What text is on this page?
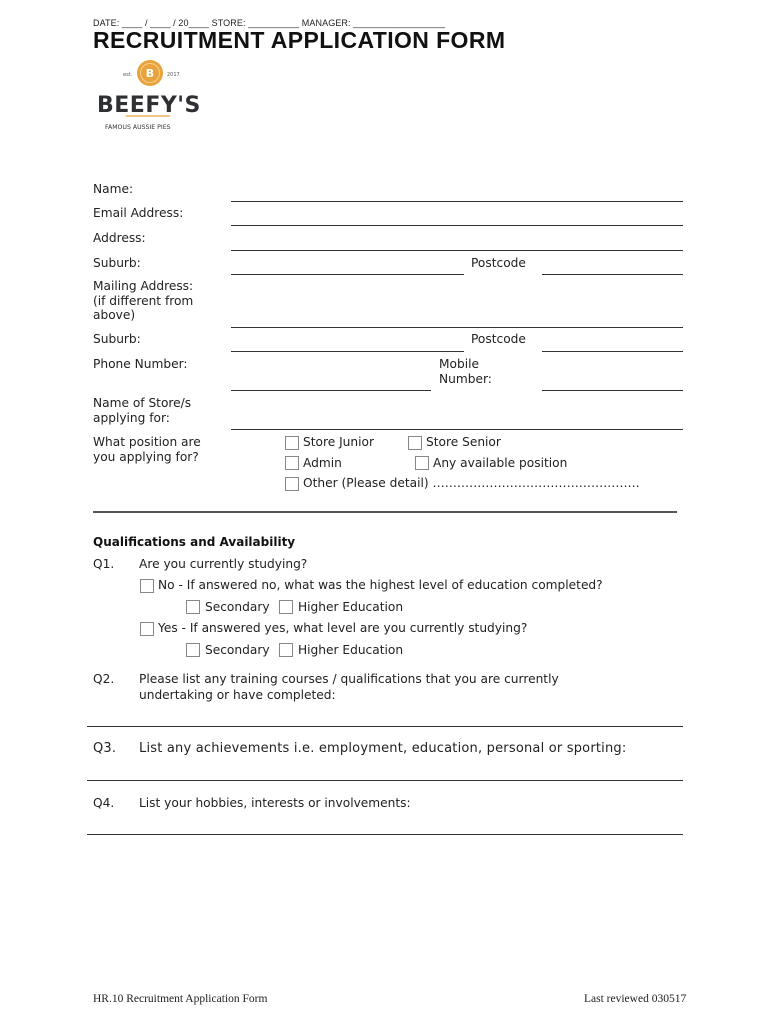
DATE: ____ / ____ / 20____ STORE: __________ MANAGER: __________________
RECRUITMENT APPLICATION FORM
B
est.	2017
BEEFY'S
FAMOUS AUSSIE PIES
Name:
Email Address:
Address:
Suburb:	Postcode
Mailing Address:
(if different from
above)
Suburb:	Postcode
Phone Number:	Mobile
Number:
Name of Store/s
applying for:
What position are
you applying for?
Store Junior	Store Senior
Admin	Any available position
Other (Please detail) ……………………………………………
Qualifications and Availability
Q1. Are you currently studying?
No - If answered no, what was the highest level of education completed?
Secondary Higher Education
Yes - If answered yes, what level are you currently studying?
Secondary Higher Education
Q2. Please list any training courses / qualifications that you are currently
undertaking or have completed:
Q3. List any achievements i.e. employment, education, personal or sporting:
Q4. List your hobbies, interests or involvements:
HR.10 Recruitment Application Form	Last reviewed 030517
